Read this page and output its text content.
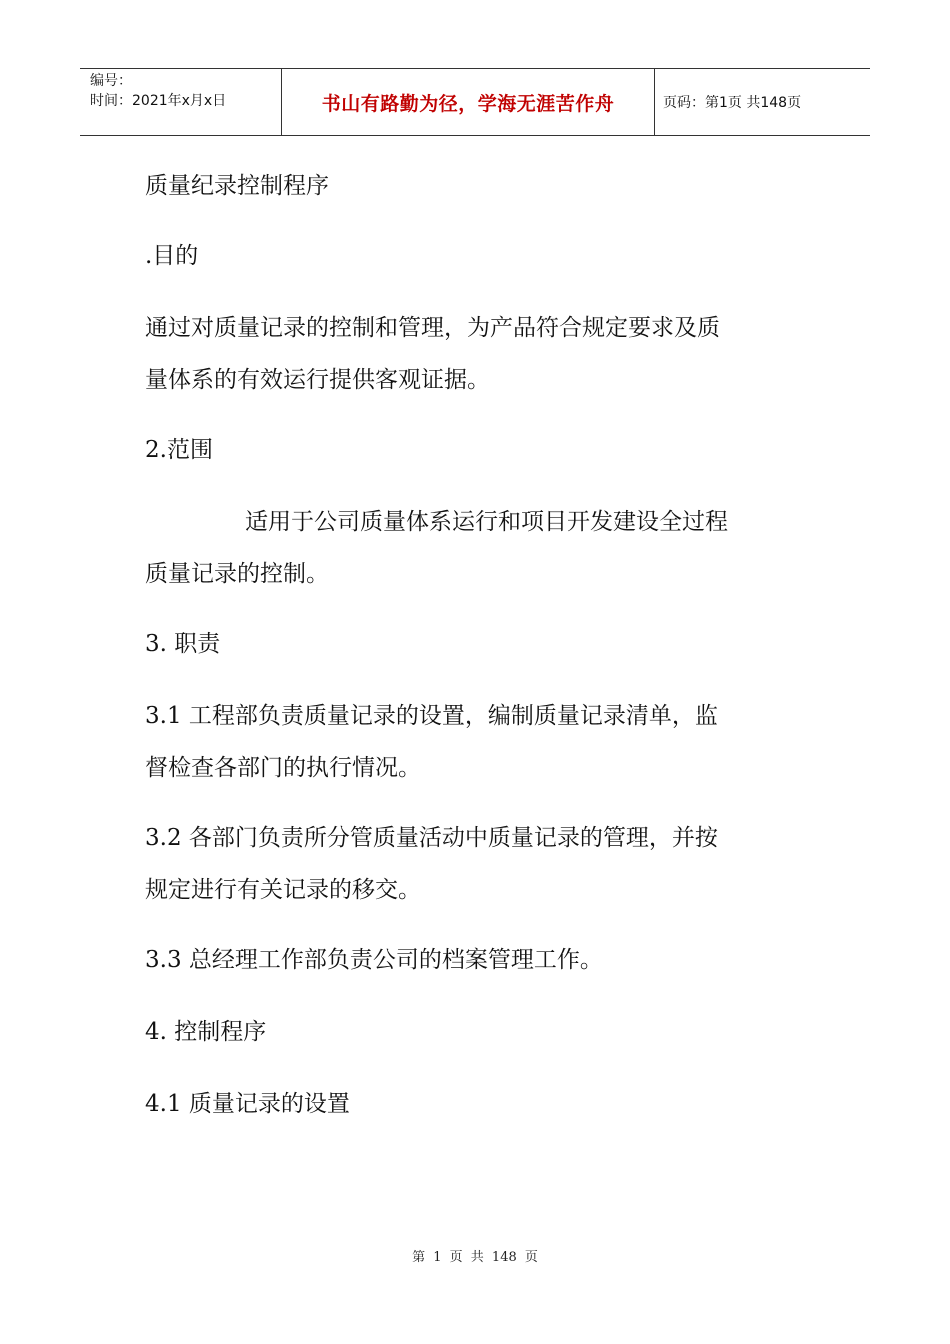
编号：
时间：2021年x月x日	书山有路勤为径，学海无涯苦作舟	页码：第1页 共148页
质量纪录控制程序
.目的
通过对质量记录的控制和管理，为产品符合规定要求及质
量体系的有效运行提供客观证据。
2.范围
适用于公司质量体系运行和项目开发建设全过程
质量记录的控制。
3. 职责
3.1 工程部负责质量记录的设置，编制质量记录清单，监
督检查各部门的执行情况。
3.2 各部门负责所分管质量活动中质量记录的管理，并按
规定进行有关记录的移交。
3.3 总经理工作部负责公司的档案管理工作。
4. 控制程序
4.1 质量记录的设置
第 1 页 共 148 页
